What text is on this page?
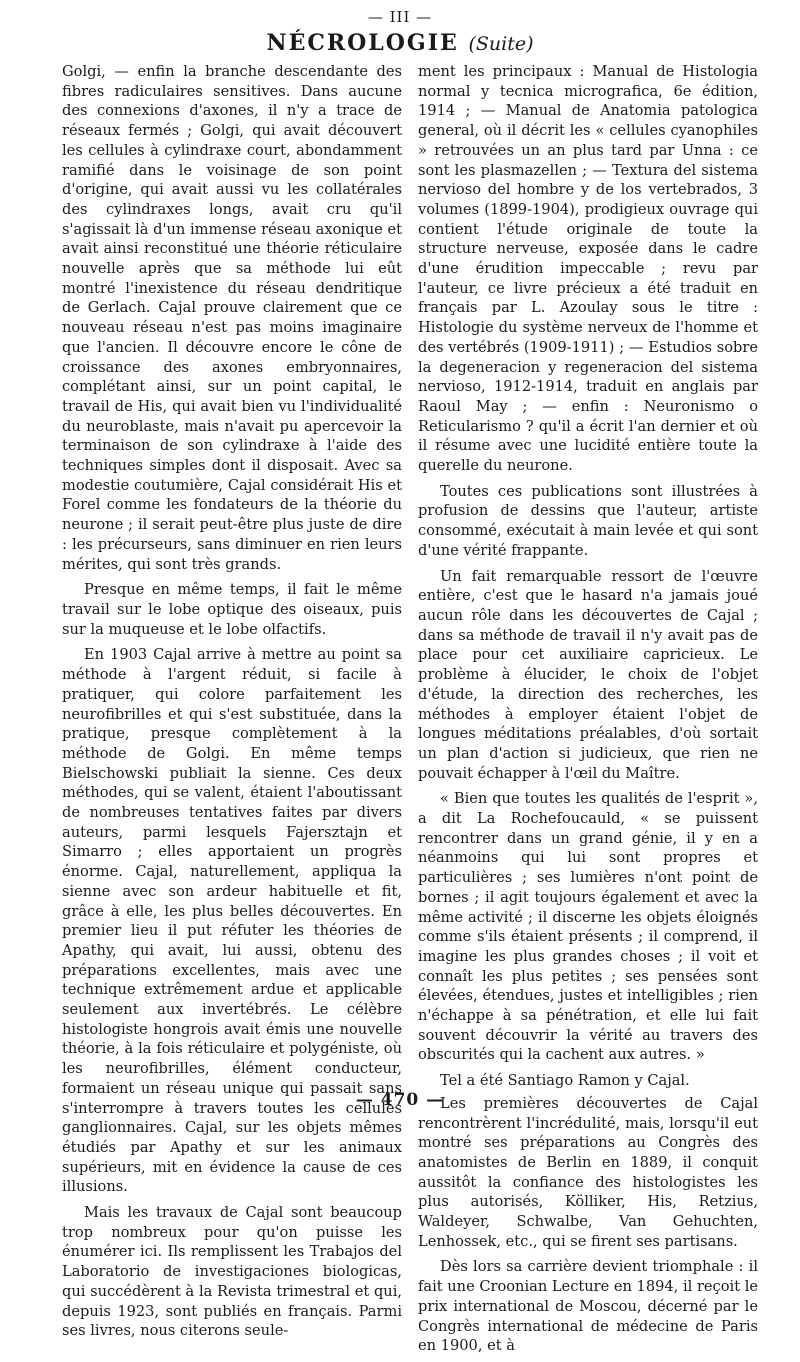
— III —
NÉCROLOGIE (Suite)

Golgi, — enfin la branche descendante des fibres radiculaires sensitives. Dans aucune des connexions d'axones, il n'y a trace de réseaux fermés ; Golgi, qui avait découvert les cellules à cylindraxe court, abondamment ramifié dans le voisinage de son point d'origine, qui avait aussi vu les collatérales des cylindraxes longs, avait cru qu'il s'agissait là d'un immense réseau axonique et avait ainsi reconstitué une théorie réticulaire nouvelle après que sa méthode lui eût montré l'inexistence du réseau dendritique de Gerlach. Cajal prouve clairement que ce nouveau réseau n'est pas moins imaginaire que l'ancien. Il découvre encore le cône de croissance des axones embryonnaires, complétant ainsi, sur un point capital, le travail de His, qui avait bien vu l'individualité du neuroblaste, mais n'avait pu apercevoir la terminaison de son cylindraxe à l'aide des techniques simples dont il disposait. Avec sa modestie coutumière, Cajal considérait His et Forel comme les fondateurs de la théorie du neurone ; il serait peut-être plus juste de dire : les précurseurs, sans diminuer en rien leurs mérites, qui sont très grands.

Presque en même temps, il fait le même travail sur le lobe optique des oiseaux, puis sur la muqueuse et le lobe olfactifs.

En 1903 Cajal arrive à mettre au point sa méthode à l'argent réduit, si facile à pratiquer, qui colore parfaitement les neurofibrilles et qui s'est substituée, dans la pratique, presque complètement à la méthode de Golgi. En même temps Bielschowski publiait la sienne. Ces deux méthodes, qui se valent, étaient l'aboutissant de nombreuses tentatives faites par divers auteurs, parmi lesquels Fajersztajn et Simarro ; elles apportaient un progrès énorme. Cajal, naturellement, appliqua la sienne avec son ardeur habituelle et fit, grâce à elle, les plus belles découvertes. En premier lieu il put réfuter les théories de Apathy, qui avait, lui aussi, obtenu des préparations excellentes, mais avec une technique extrêmement ardue et applicable seulement aux invertébrés. Le célèbre histologiste hongrois avait émis une nouvelle théorie, à la fois réticulaire et polygéniste, où les neurofibrilles, élément conducteur, formaient un réseau unique qui passait sans s'interrompre à travers toutes les cellules ganglionnaires. Cajal, sur les objets mêmes étudiés par Apathy et sur les animaux supérieurs, mit en évidence la cause de ces illusions.

Mais les travaux de Cajal sont beaucoup trop nombreux pour qu'on puisse les énumérer ici. Ils remplissent les Trabajos del Laboratorio de investigaciones biologicas, qui succédèrent à la Revista trimestral et qui, depuis 1923, sont publiés en français. Parmi ses livres, nous citerons seule-

ment les principaux : Manual de Histologia normal y tecnica micrografica, 6e édition, 1914 ; — Manual de Anatomia patologica general, où il décrit les « cellules cyanophiles » retrouvées un an plus tard par Unna : ce sont les plasmazellen ; — Textura del sistema nervioso del hombre y de los vertebrados, 3 volumes (1899-1904), prodigieux ouvrage qui contient l'étude originale de toute la structure nerveuse, exposée dans le cadre d'une érudition impeccable ; revu par l'auteur, ce livre précieux a été traduit en français par L. Azoulay sous le titre : Histologie du système nerveux de l'homme et des vertébrés (1909-1911) ; — Estudios sobre la degeneracion y regeneracion del sistema nervioso, 1912-1914, traduit en anglais par Raoul May ; — enfin : Neuronismo o Reticularismo ? qu'il a écrit l'an dernier et où il résume avec une lucidité entière toute la querelle du neurone.

Toutes ces publications sont illustrées à profusion de dessins que l'auteur, artiste consommé, exécutait à main levée et qui sont d'une vérité frappante.

Un fait remarquable ressort de l'œuvre entière, c'est que le hasard n'a jamais joué aucun rôle dans les découvertes de Cajal ; dans sa méthode de travail il n'y avait pas de place pour cet auxiliaire capricieux. Le problème à élucider, le choix de l'objet d'étude, la direction des recherches, les méthodes à employer étaient l'objet de longues méditations préalables, d'où sortait un plan d'action si judicieux, que rien ne pouvait échapper à l'œil du Maître.

« Bien que toutes les qualités de l'esprit », a dit La Rochefoucauld, « se puissent rencontrer dans un grand génie, il y en a néanmoins qui lui sont propres et particulières ; ses lumières n'ont point de bornes ; il agit toujours également et avec la même activité ; il discerne les objets éloignés comme s'ils étaient présents ; il comprend, il imagine les plus grandes choses ; il voit et connaît les plus petites ; ses pensées sont élevées, étendues, justes et intelligibles ; rien n'échappe à sa pénétration, et elle lui fait souvent découvrir la vérité au travers des obscurités qui la cachent aux autres. »

Tel a été Santiago Ramon y Cajal.

Les premières découvertes de Cajal rencontrèrent l'incrédulité, mais, lorsqu'il eut montré ses préparations au Congrès des anatomistes de Berlin en 1889, il conquit aussitôt la confiance des histologistes les plus autorisés, Kölliker, His, Retzius, Waldeyer, Schwalbe, Van Gehuchten, Lenhossek, etc., qui se firent ses partisans.

Dès lors sa carrière devient triomphale : il fait une Croonian Lecture en 1894, il reçoit le prix international de Moscou, décerné par le Congrès international de médecine de Paris en 1900, et à

— 470 —
